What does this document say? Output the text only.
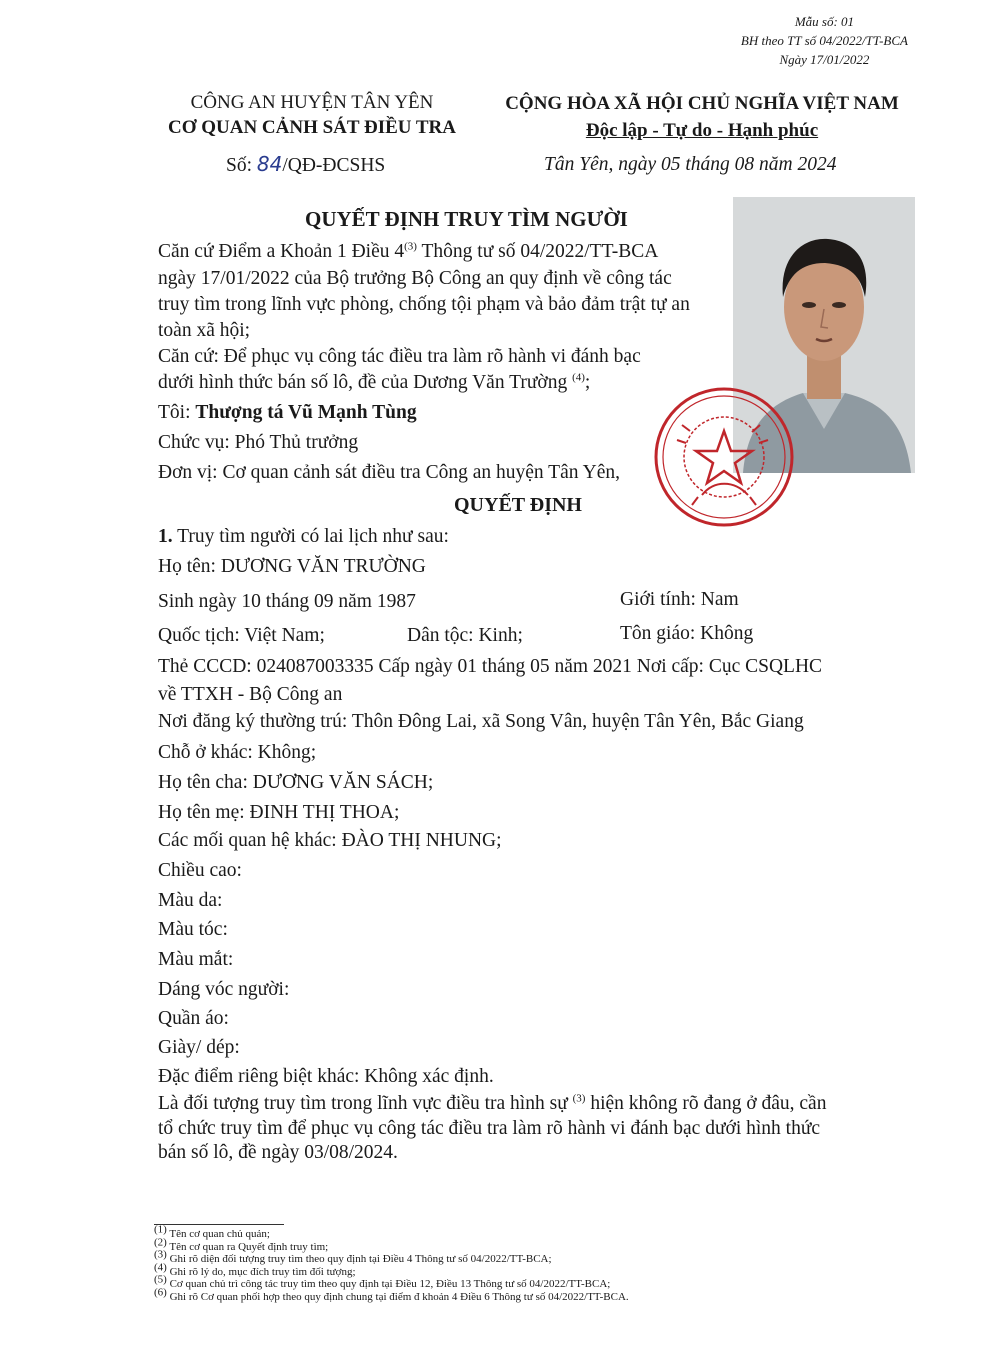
Mẫu số: 01
BH theo TT số 04/2022/TT-BCA
Ngày 17/01/2022
CÔNG AN HUYỆN TÂN YÊN
CƠ QUAN CẢNH SÁT ĐIỀU TRA
Số: 84/QĐ-ĐCSHS
CỘNG HÒA XÃ HỘI CHỦ NGHĨA VIỆT NAM
Độc lập - Tự do - Hạnh phúc
Tân Yên, ngày 05 tháng 08 năm 2024
QUYẾT ĐỊNH TRUY TÌM NGƯỜI
Căn cứ Điểm a Khoản 1 Điều 4$^{(3)}$ Thông tư số 04/2022/TT-BCA
ngày 17/01/2022 của Bộ trưởng Bộ Công an quy định về công tác
truy tìm trong lĩnh vực phòng, chống tội phạm và bảo đảm trật tự an
toàn xã hội;
Căn cứ: Để phục vụ công tác điều tra làm rõ hành vi đánh bạc
dưới hình thức bán số lô, đề của Dương Văn Trường $^{(4)}$;
Tôi: Thượng tá Vũ Mạnh Tùng
Chức vụ: Phó Thủ trưởng
Đơn vị: Cơ quan cảnh sát điều tra Công an huyện Tân Yên,
QUYẾT ĐỊNH
1. Truy tìm người có lai lịch như sau:
Họ tên: DƯƠNG VĂN TRƯỜNG
Sinh ngày 10 tháng 09 năm 1987	Giới tính: Nam
Quốc tịch: Việt Nam;	Dân tộc: Kinh;	Tôn giáo: Không
Thẻ CCCD: 024087003335 Cấp ngày 01 tháng 05 năm 2021 Nơi cấp: Cục CSQLHC
về TTXH - Bộ Công an
Nơi đăng ký thường trú: Thôn Đông Lai, xã Song Vân, huyện Tân Yên, Bắc Giang
Chỗ ở khác: Không;
Họ tên cha: DƯƠNG VĂN SÁCH;
Họ tên mẹ: ĐINH THỊ THOA;
Các mối quan hệ khác: ĐÀO THỊ NHUNG;
Chiều cao:
Màu da:
Màu tóc:
Màu mắt:
Dáng vóc người:
Quần áo:
Giày/ dép:
Đặc điểm riêng biệt khác: Không xác định.
Là đối tượng truy tìm trong lĩnh vực điều tra hình sự $^{(3)}$ hiện không rõ đang ở đâu, cần
tổ chức truy tìm để phục vụ công tác điều tra làm rõ hành vi đánh bạc dưới hình thức
bán số lô, đề ngày 03/08/2024.
(1) Tên cơ quan chủ quản;
(2) Tên cơ quan ra Quyết định truy tìm;
(3) Ghi rõ diện đối tượng truy tìm theo quy định tại Điều 4 Thông tư số 04/2022/TT-BCA;
(4) Ghi rõ lý do, mục đích truy tìm đối tượng;
(5) Cơ quan chủ trì công tác truy tìm theo quy định tại Điều 12, Điều 13 Thông tư số 04/2022/TT-BCA;
(6) Ghi rõ Cơ quan phối hợp theo quy định chung tại điểm đ khoản 4 Điều 6 Thông tư số 04/2022/TT-BCA.
